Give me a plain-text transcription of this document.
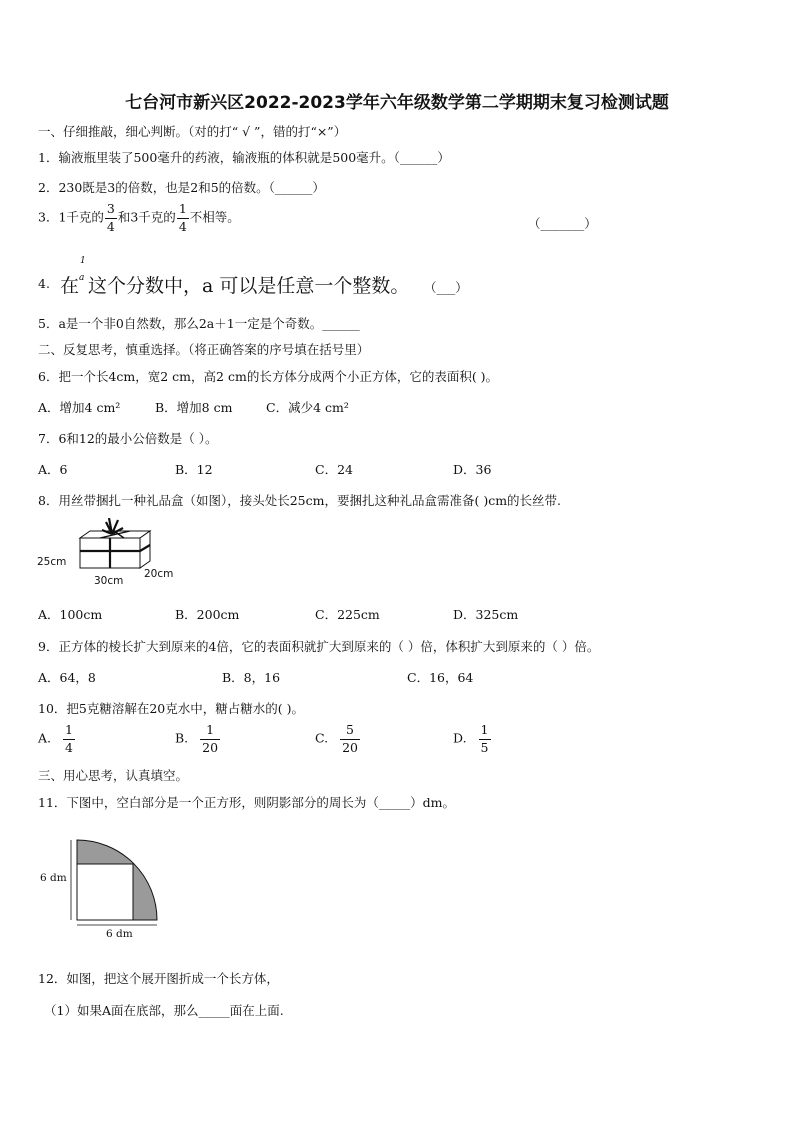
七台河市新兴区2022-2023学年六年级数学第二学期期末复习检测试题
一、仔细推敲，细心判断。（对的打“ √ ”，错的打“×”）
1．输液瓶里装了500毫升的药液，输液瓶的体积就是500毫升。（______）
2．230既是3的倍数，也是2和5的倍数。（______）
3．1千克的 $\frac{3}{4}$ 和3千克的 $\frac{1}{4}$ 不相等。	（_______）
4. 在
1
a 这个分数中，a 可以是任意一个整数。 （___）
5．a是一个非0自然数，那么2a＋1一定是个奇数。______
二、反复思考，慎重选择。（将正确答案的序号填在括号里）
6．把一个长4cm，宽2 cm，高2 cm的长方体分成两个小正方体，它的表面积( )。
A．增加4 cm²	B．增加8 cm	C．减少4 cm²
7．6和12的最小公倍数是（ ）。
A．6	B．12	C．24	D．36
8．用丝带捆扎一种礼品盒（如图），接头处长25cm，要捆扎这种礼品盒需准备( )cm的长丝带.
25cm
30cm
20cm
A．100cm	B．200cm	C．225cm	D．325cm
9．正方体的棱长扩大到原来的4倍，它的表面积就扩大到原来的（ ）倍，体积扩大到原来的（ ）倍。
A．64，8	B．8，16	C．16，64
10．把5克糖溶解在20克水中，糖占糖水的( )。
A. $\frac{1}{4}$	B. $\frac{1}{20}$	C. $\frac{5}{20}$	D. $\frac{1}{5}$
三、用心思考，认真填空。
11．下图中，空白部分是一个正方形，则阴影部分的周长为（_____）dm。
6 dm
6 dm
12．如图，把这个展开图折成一个长方体，
（1）如果A面在底部，那么_____面在上面.
